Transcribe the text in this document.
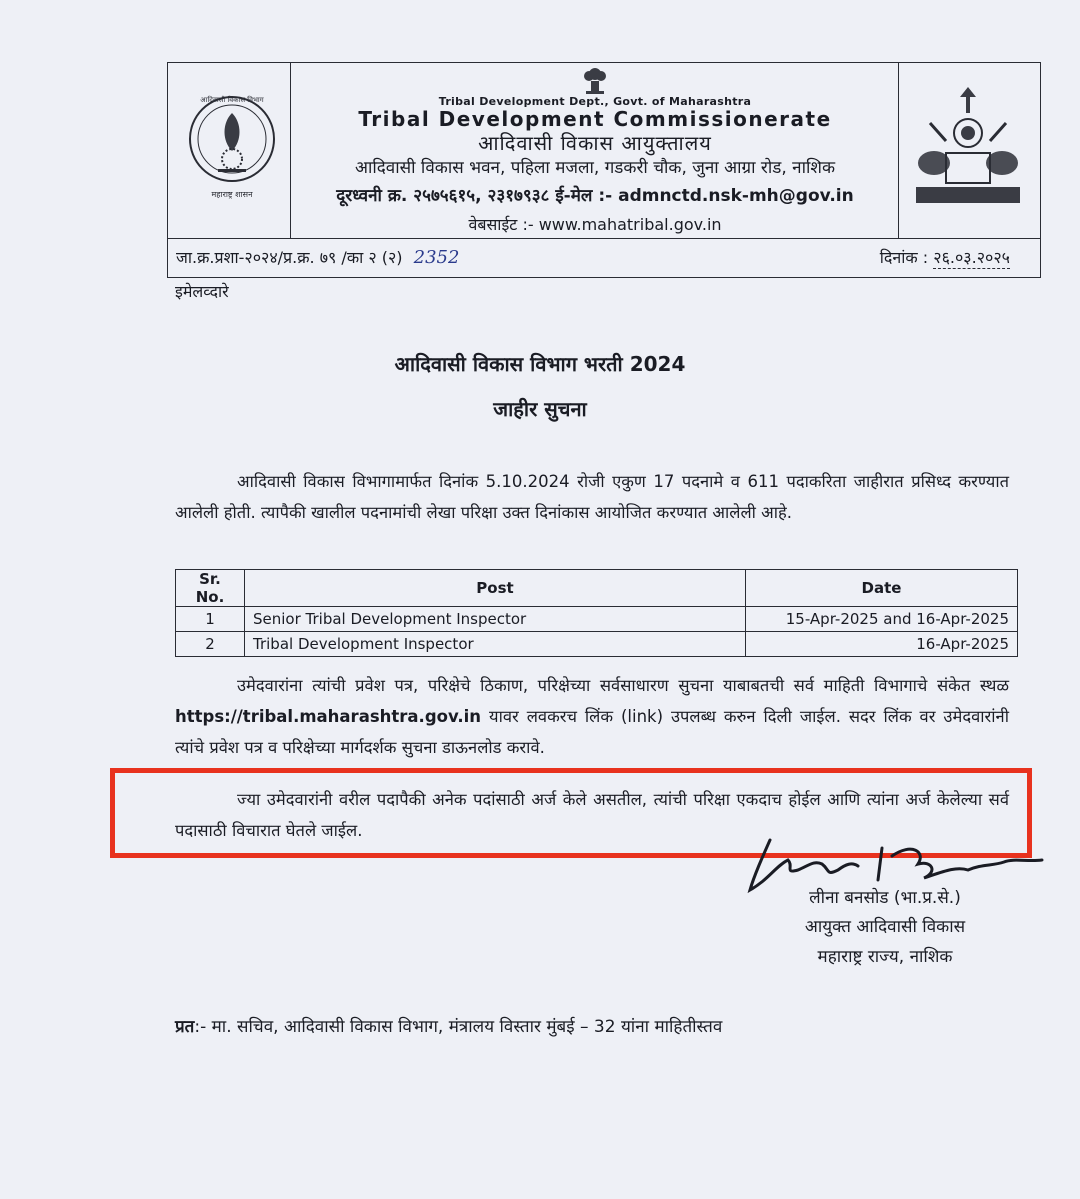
आदिवासी विकास विभाग
महाराष्ट्र शासन
Tribal Development Dept., Govt. of Maharashtra
Tribal Development Commissionerate
आदिवासी विकास आयुक्तालय
आदिवासी विकास भवन, पहिला मजला, गडकरी चौक, जुना आग्रा रोड, नाशिक
दूरध्वनी क्र. २५७५६१५, २३१७९३८ ई-मेल :- admnctd.nsk-mh@gov.in
वेबसाईट :- www.mahatribal.gov.in
जा.क्र.प्रशा-२०२४/प्र.क्र. ७९ /का २ (२) 2352	दिनांक : २६.०३.२०२५
इमेलव्दारे
आदिवासी विकास विभाग भरती 2024
जाहीर सुचना
आदिवासी विकास विभागामार्फत दिनांक 5.10.2024 रोजी एकुण 17 पदनामे व 611 पदाकरिता जाहीरात प्रसिध्द करण्यात आलेली होती. त्यापैकी खालील पदनामांची लेखा परिक्षा उक्त दिनांकास आयोजित करण्यात आलेली आहे.
Sr. No.	Post	Date
1	Senior Tribal Development Inspector	15-Apr-2025 and 16-Apr-2025
2	Tribal Development Inspector	16-Apr-2025
उमेदवारांना त्यांची प्रवेश पत्र, परिक्षेचे ठिकाण, परिक्षेच्या सर्वसाधारण सुचना याबाबतची सर्व माहिती विभागाचे संकेत स्थळ https://tribal.maharashtra.gov.in यावर लवकरच लिंक (link) उपलब्ध करुन दिली जाईल. सदर लिंक वर उमेदवारांनी त्यांचे प्रवेश पत्र व परिक्षेच्या मार्गदर्शक सुचना डाऊनलोड करावे.
ज्या उमेदवारांनी वरील पदापैकी अनेक पदांसाठी अर्ज केले असतील, त्यांची परिक्षा एकदाच होईल आणि त्यांना अर्ज केलेल्या सर्व पदासाठी विचारात घेतले जाईल.
लीना बनसोड (भा.प्र.से.)
आयुक्त आदिवासी विकास
महाराष्ट्र राज्य, नाशिक
प्रत:- मा. सचिव, आदिवासी विकास विभाग, मंत्रालय विस्तार मुंबई – 32 यांना माहितीस्तव
